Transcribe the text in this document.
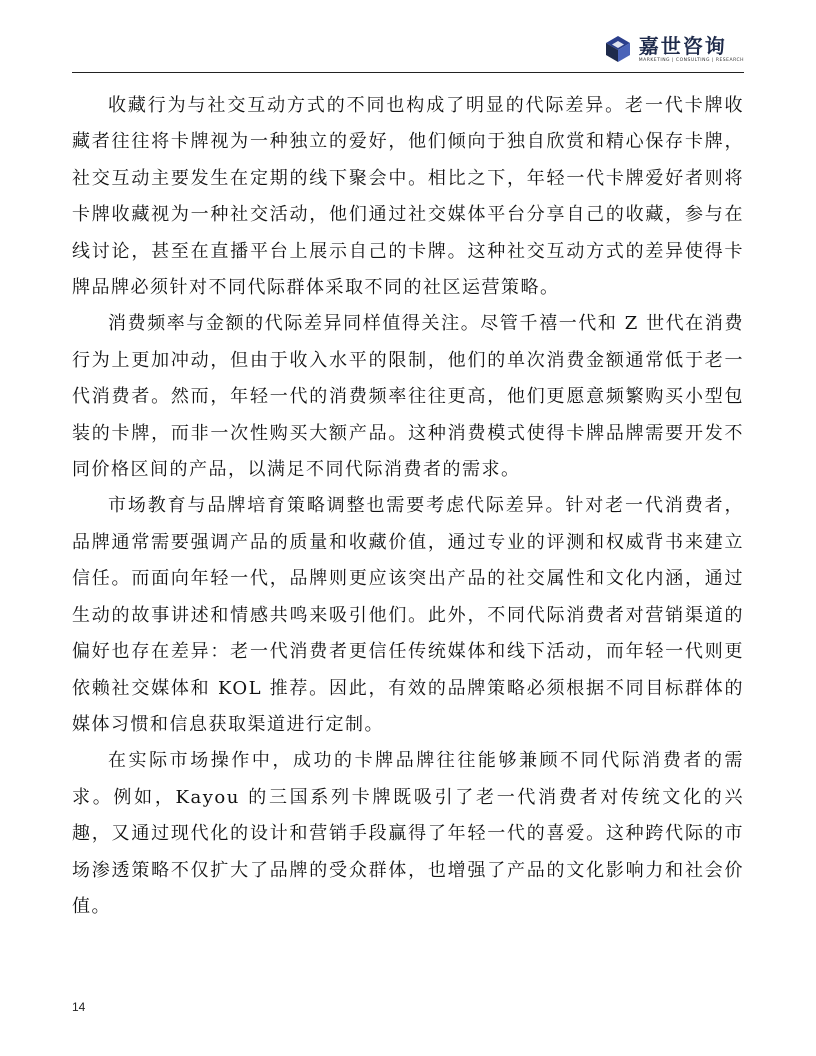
嘉世咨询
MARKETING | CONSULTING | RESEARCH

收藏行为与社交互动方式的不同也构成了明显的代际差异。老一代卡牌收藏者往往将卡牌视为一种独立的爱好，他们倾向于独自欣赏和精心保存卡牌，社交互动主要发生在定期的线下聚会中。相比之下，年轻一代卡牌爱好者则将卡牌收藏视为一种社交活动，他们通过社交媒体平台分享自己的收藏，参与在线讨论，甚至在直播平台上展示自己的卡牌。这种社交互动方式的差异使得卡牌品牌必须针对不同代际群体采取不同的社区运营策略。

消费频率与金额的代际差异同样值得关注。尽管千禧一代和 Z 世代在消费行为上更加冲动，但由于收入水平的限制，他们的单次消费金额通常低于老一代消费者。然而，年轻一代的消费频率往往更高，他们更愿意频繁购买小型包装的卡牌，而非一次性购买大额产品。这种消费模式使得卡牌品牌需要开发不同价格区间的产品，以满足不同代际消费者的需求。

市场教育与品牌培育策略调整也需要考虑代际差异。针对老一代消费者，品牌通常需要强调产品的质量和收藏价值，通过专业的评测和权威背书来建立信任。而面向年轻一代，品牌则更应该突出产品的社交属性和文化内涵，通过生动的故事讲述和情感共鸣来吸引他们。此外，不同代际消费者对营销渠道的偏好也存在差异：老一代消费者更信任传统媒体和线下活动，而年轻一代则更依赖社交媒体和 KOL 推荐。因此，有效的品牌策略必须根据不同目标群体的媒体习惯和信息获取渠道进行定制。

在实际市场操作中，成功的卡牌品牌往往能够兼顾不同代际消费者的需求。例如，Kayou 的三国系列卡牌既吸引了老一代消费者对传统文化的兴趣，又通过现代化的设计和营销手段赢得了年轻一代的喜爱。这种跨代际的市场渗透策略不仅扩大了品牌的受众群体，也增强了产品的文化影响力和社会价值。

14
